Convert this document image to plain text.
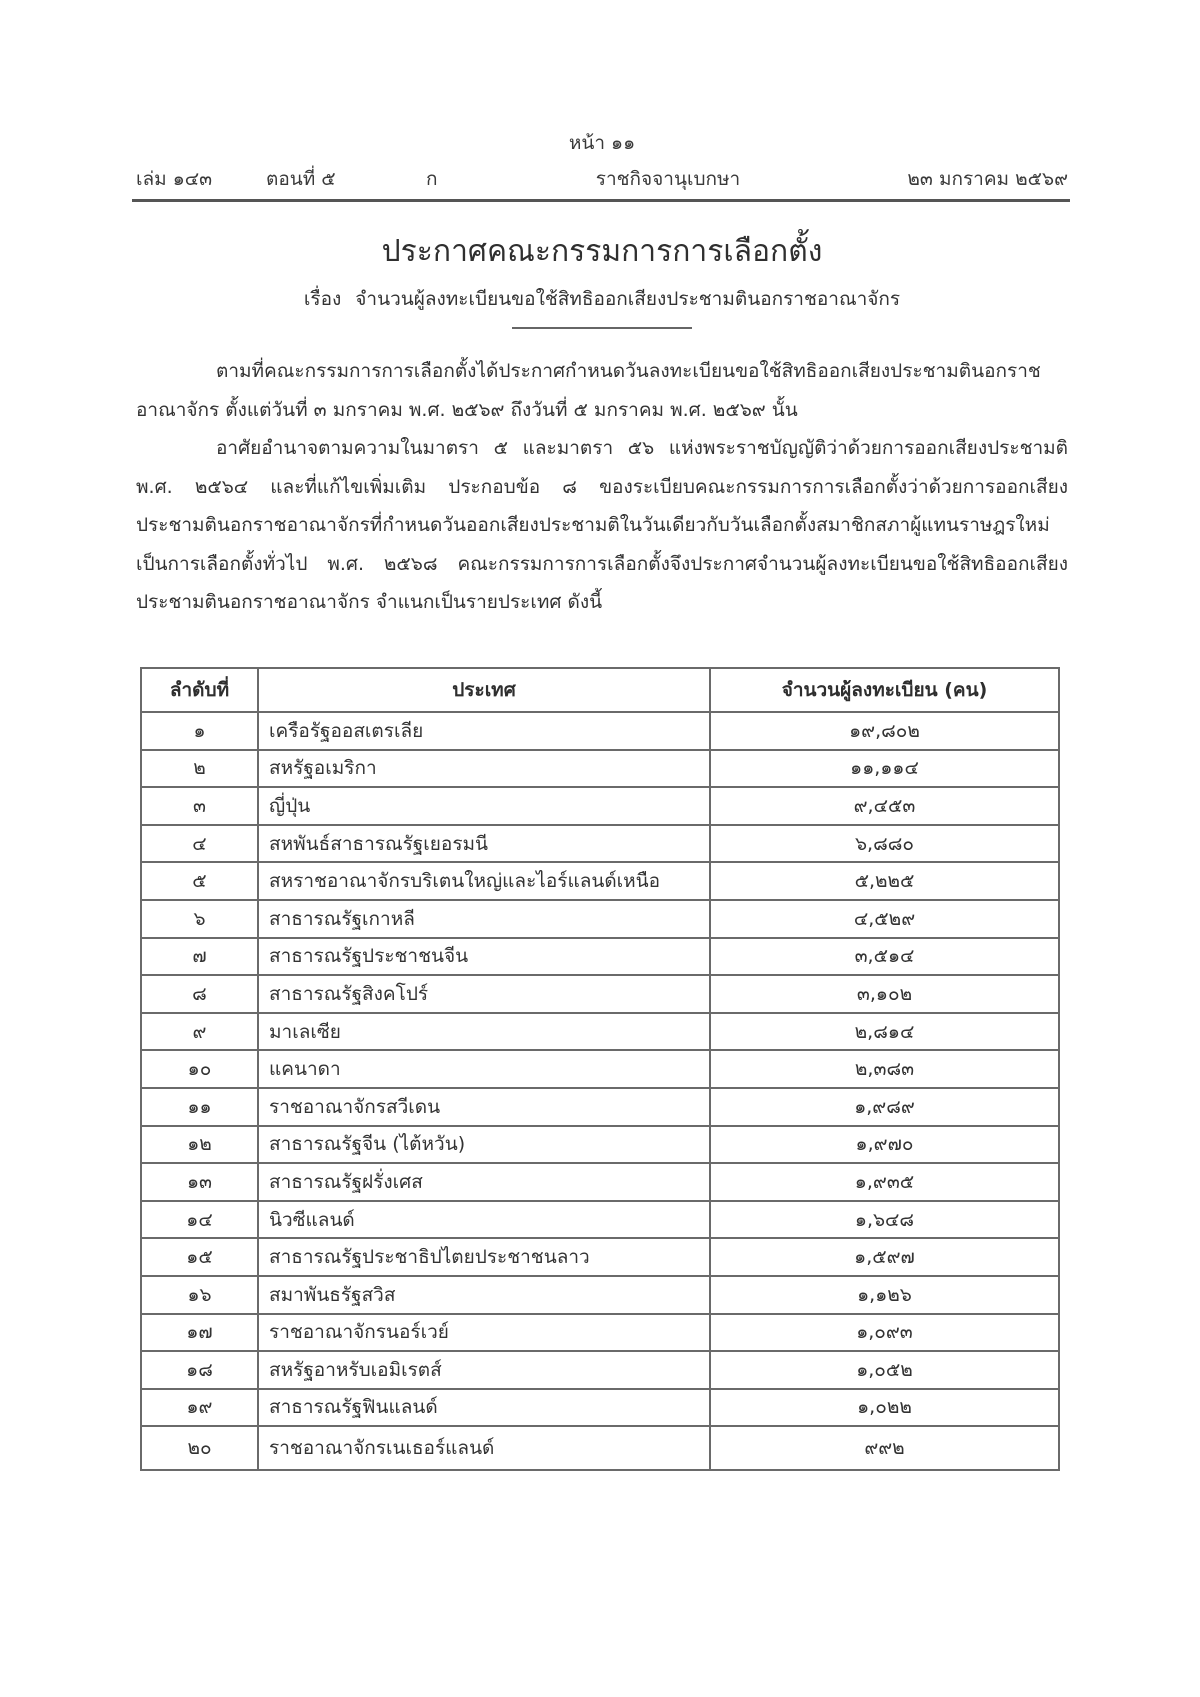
หน้า ๑๑
เล่ม ๑๔๓	ตอนที่ ๕	ก	ราชกิจจานุเบกษา	๒๓ มกราคม ๒๕๖๙
ประกาศคณะกรรมการการเลือกตั้ง
เรื่อง จำนวนผู้ลงทะเบียนขอใช้สิทธิออกเสียงประชามตินอกราชอาณาจักร

ตามที่คณะกรรมการการเลือกตั้งได้ประกาศกำหนดวันลงทะเบียนขอใช้สิทธิออกเสียงประชามตินอกราชอาณาจักร ตั้งแต่วันที่ ๓ มกราคม พ.ศ. ๒๕๖๙ ถึงวันที่ ๕ มกราคม พ.ศ. ๒๕๖๙ นั้น

อาศัยอำนาจตามความในมาตรา ๕ และมาตรา ๕๖ แห่งพระราชบัญญัติว่าด้วยการออกเสียงประชามติ พ.ศ. ๒๕๖๔ และที่แก้ไขเพิ่มเติม ประกอบข้อ ๘ ของระเบียบคณะกรรมการการเลือกตั้งว่าด้วยการออกเสียงประชามตินอกราชอาณาจักรที่กำหนดวันออกเสียงประชามติในวันเดียวกับวันเลือกตั้งสมาชิกสภาผู้แทนราษฎรใหม่ เป็นการเลือกตั้งทั่วไป พ.ศ. ๒๕๖๘ คณะกรรมการการเลือกตั้งจึงประกาศจำนวนผู้ลงทะเบียนขอใช้สิทธิออกเสียงประชามตินอกราชอาณาจักร จำแนกเป็นรายประเทศ ดังนี้

ลำดับที่	ประเทศ	จำนวนผู้ลงทะเบียน (คน)
๑	เครือรัฐออสเตรเลีย	๑๙,๘๐๒
๒	สหรัฐอเมริกา	๑๑,๑๑๔
๓	ญี่ปุ่น	๙,๔๕๓
๔	สหพันธ์สาธารณรัฐเยอรมนี	๖,๘๘๐
๕	สหราชอาณาจักรบริเตนใหญ่และไอร์แลนด์เหนือ	๕,๒๒๕
๖	สาธารณรัฐเกาหลี	๔,๕๒๙
๗	สาธารณรัฐประชาชนจีน	๓,๕๑๔
๘	สาธารณรัฐสิงคโปร์	๓,๑๐๒
๙	มาเลเซีย	๒,๘๑๔
๑๐	แคนาดา	๒,๓๘๓
๑๑	ราชอาณาจักรสวีเดน	๑,๙๘๙
๑๒	สาธารณรัฐจีน (ไต้หวัน)	๑,๙๗๐
๑๓	สาธารณรัฐฝรั่งเศส	๑,๙๓๕
๑๔	นิวซีแลนด์	๑,๖๔๘
๑๕	สาธารณรัฐประชาธิปไตยประชาชนลาว	๑,๕๙๗
๑๖	สมาพันธรัฐสวิส	๑,๑๒๖
๑๗	ราชอาณาจักรนอร์เวย์	๑,๐๙๓
๑๘	สหรัฐอาหรับเอมิเรตส์	๑,๐๕๒
๑๙	สาธารณรัฐฟินแลนด์	๑,๐๒๒
๒๐	ราชอาณาจักรเนเธอร์แลนด์	๙๙๒
